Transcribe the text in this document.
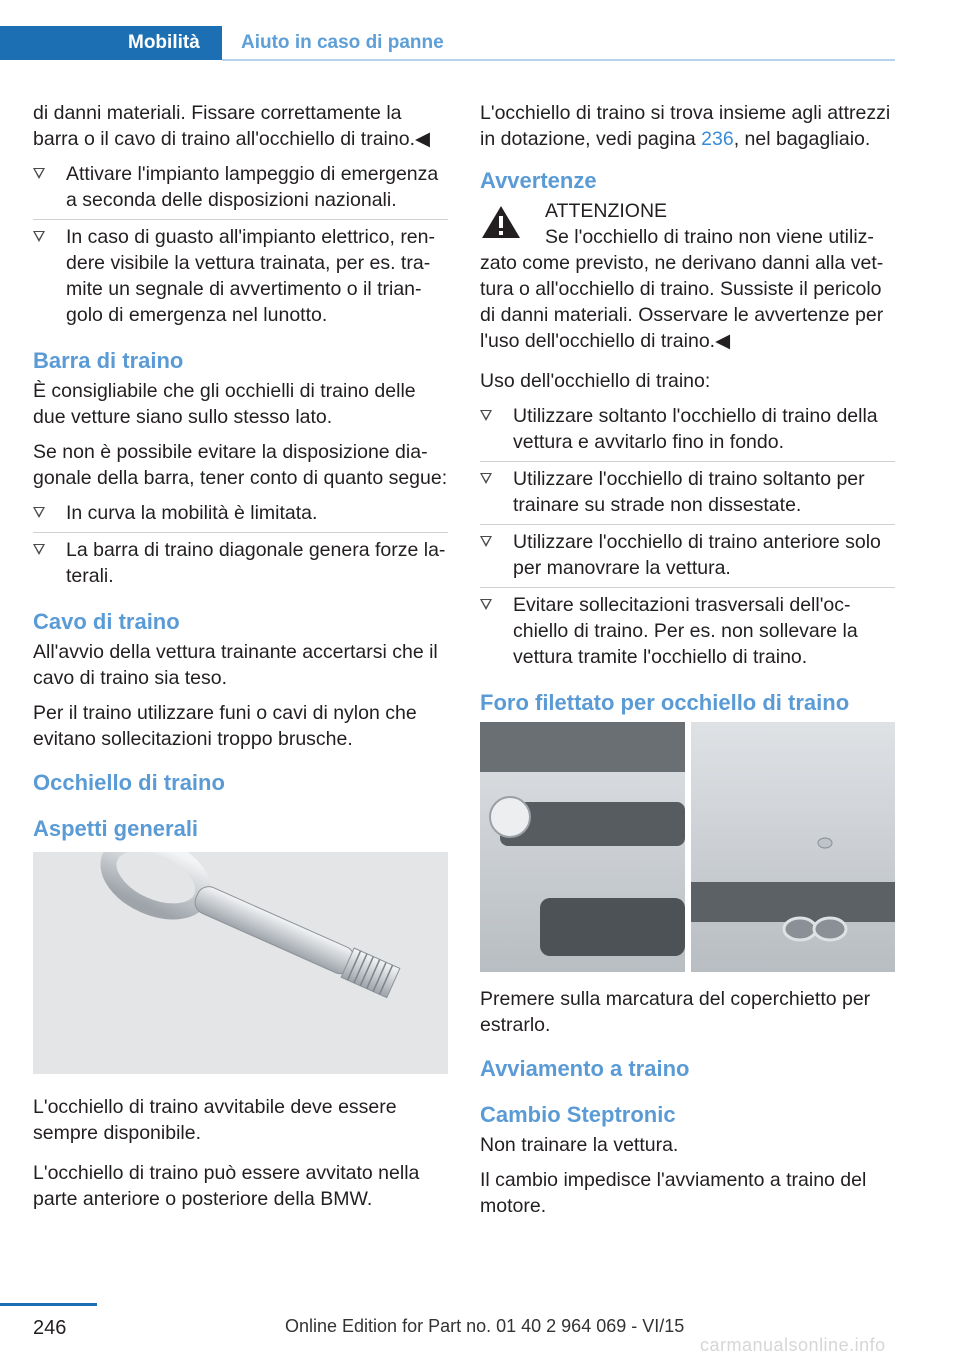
Mobilità	Aiuto in caso di panne

di danni materiali. Fissare correttamente la barra o il cavo di traino all'occhiello di traino.◀

Attivare l'impianto lampeggio di emergenza a seconda delle disposizioni nazionali.
In caso di guasto all'impianto elettrico, rendere visibile la vettura trainata, per es. tramite un segnale di avvertimento o il triangolo di emergenza nel lunotto.
Barra di traino

È consigliabile che gli occhielli di traino delle due vetture siano sullo stesso lato.

Se non è possibile evitare la disposizione diagonale della barra, tener conto di quanto segue:

In curva la mobilità è limitata.
La barra di traino diagonale genera forze laterali.
Cavo di traino

All'avvio della vettura trainante accertarsi che il cavo di traino sia teso.

Per il traino utilizzare funi o cavi di nylon che evitano sollecitazioni troppo brusche.

Occhiello di traino
Aspetti generali

L'occhiello di traino avvitabile deve essere sempre disponibile.

L'occhiello di traino può essere avvitato nella parte anteriore o posteriore della BMW.

L'occhiello di traino si trova insieme agli attrezzi in dotazione, vedi pagina 236, nel bagagliaio.

Avvertenze
ATTENZIONE
Se l'occhiello di traino non viene utilizzato come previsto, ne derivano danni alla vettura o all'occhiello di traino. Sussiste il pericolo di danni materiali. Osservare le avvertenze per l'uso dell'occhiello di traino.◀

Uso dell'occhiello di traino:

Utilizzare soltanto l'occhiello di traino della vettura e avvitarlo fino in fondo.
Utilizzare l'occhiello di traino soltanto per trainare su strade non dissestate.
Utilizzare l'occhiello di traino anteriore solo per manovrare la vettura.
Evitare sollecitazioni trasversali dell'occhiello di traino. Per es. non sollevare la vettura tramite l'occhiello di traino.
Foro filettato per occhiello di traino

Premere sulla marcatura del coperchietto per estrarlo.

Avviamento a traino
Cambio Steptronic

Non trainare la vettura.

Il cambio impedisce l'avviamento a traino del motore.

246	Online Edition for Part no. 01 40 2 964 069 - VI/15
carmanualsonline.info
